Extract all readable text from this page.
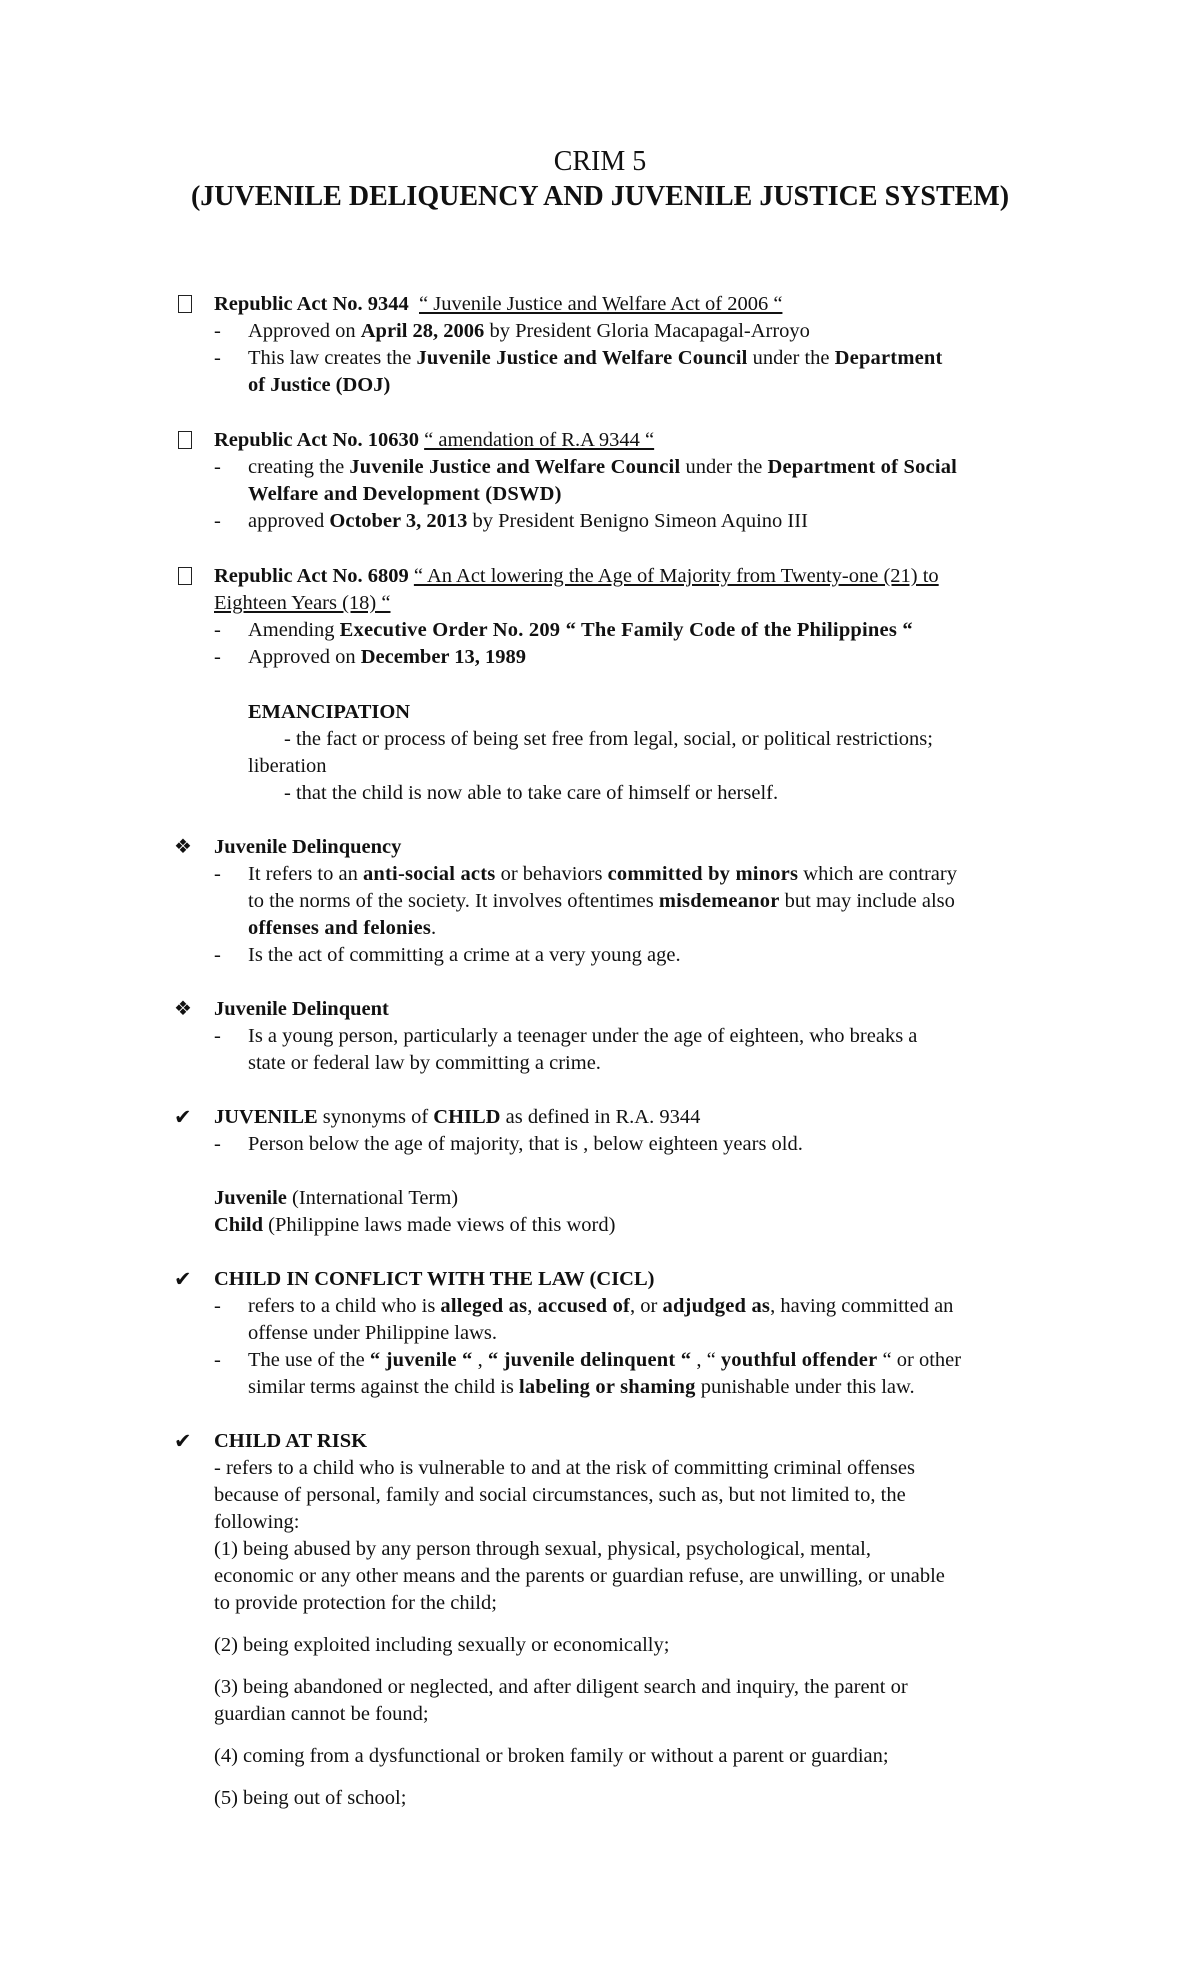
CRIM 5
(JUVENILE DELIQUENCY AND JUVENILE JUSTICE SYSTEM)
Republic Act No. 9344 “ Juvenile Justice and Welfare Act of 2006 “
- Approved on April 28, 2006 by President Gloria Macapagal-Arroyo
- This law creates the Juvenile Justice and Welfare Council under the Department
of Justice (DOJ)
Republic Act No. 10630 “ amendation of R.A 9344 “
- creating the Juvenile Justice and Welfare Council under the Department of Social
Welfare and Development (DSWD)
- approved October 3, 2013 by President Benigno Simeon Aquino III
Republic Act No. 6809 “ An Act lowering the Age of Majority from Twenty-one (21) to
Eighteen Years (18) “
- Amending Executive Order No. 209 “ The Family Code of the Philippines “
- Approved on December 13, 1989
EMANCIPATION
- the fact or process of being set free from legal, social, or political restrictions;
liberation
- that the child is now able to take care of himself or herself.
❖ Juvenile Delinquency
- It refers to an anti-social acts or behaviors committed by minors which are contrary
to the norms of the society. It involves oftentimes misdemeanor but may include also
offenses and felonies.
- Is the act of committing a crime at a very young age.
❖ Juvenile Delinquent
- Is a young person, particularly a teenager under the age of eighteen, who breaks a
state or federal law by committing a crime.
✔ JUVENILE synonyms of CHILD as defined in R.A. 9344
- Person below the age of majority, that is , below eighteen years old.
Juvenile (International Term)
Child (Philippine laws made views of this word)
✔ CHILD IN CONFLICT WITH THE LAW (CICL)
- refers to a child who is alleged as, accused of, or adjudged as, having committed an
offense under Philippine laws.
- The use of the “ juvenile “ , “ juvenile delinquent “ , “ youthful offender “ or other
similar terms against the child is labeling or shaming punishable under this law.
✔ CHILD AT RISK
- refers to a child who is vulnerable to and at the risk of committing criminal offenses
because of personal, family and social circumstances, such as, but not limited to, the
following:
(1) being abused by any person through sexual, physical, psychological, mental,
economic or any other means and the parents or guardian refuse, are unwilling, or unable
to provide protection for the child;
(2) being exploited including sexually or economically;
(3) being abandoned or neglected, and after diligent search and inquiry, the parent or
guardian cannot be found;
(4) coming from a dysfunctional or broken family or without a parent or guardian;
(5) being out of school;
